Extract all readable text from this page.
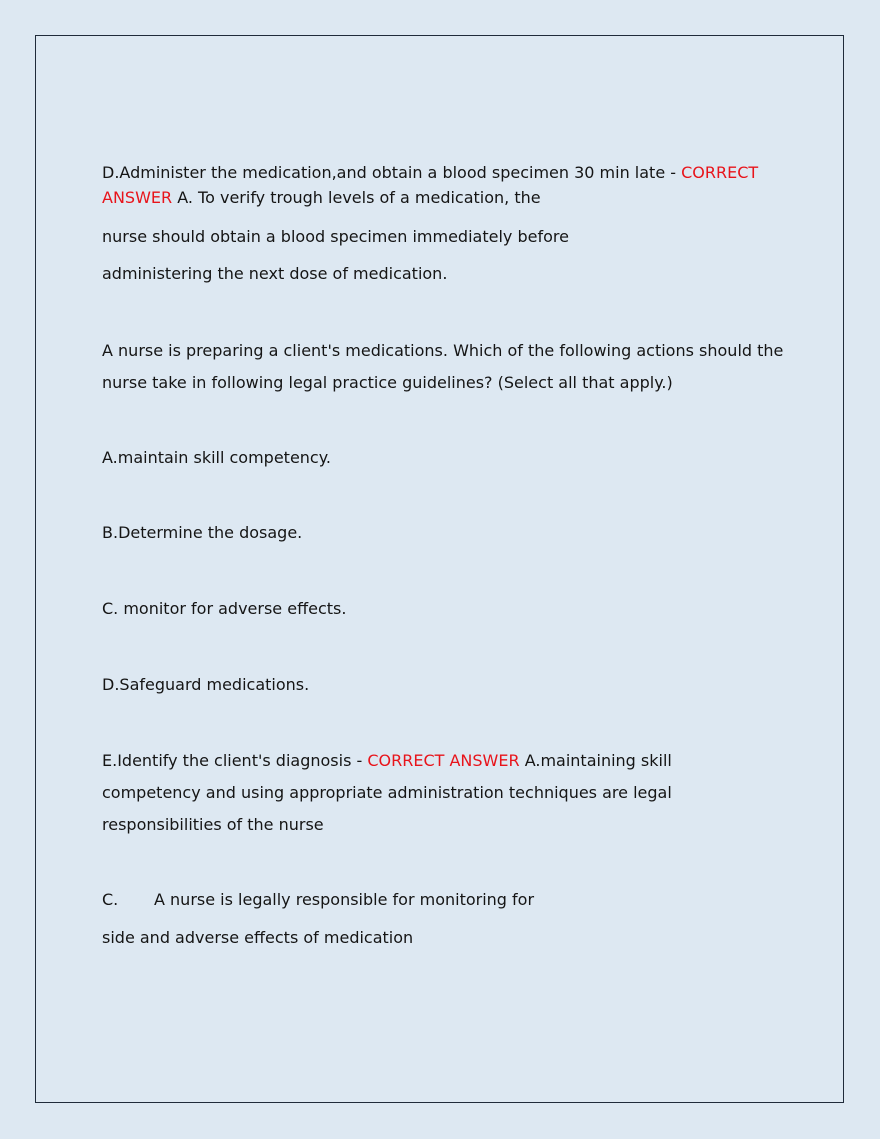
D.Administer the medication,and obtain a blood specimen 30 min late - CORRECT

ANSWER A. To verify trough levels of a medication, the

nurse should obtain a blood specimen immediately before

administering the next dose of medication.

A nurse is preparing a client's medications. Which of the following actions should the

nurse take in following legal practice guidelines? (Select all that apply.)

A.maintain skill competency.

B.Determine the dosage.

C. monitor for adverse effects.

D.Safeguard medications.

E.Identify the client's diagnosis - CORRECT ANSWER A.maintaining skill

competency and using appropriate administration techniques are legal

responsibilities of the nurse

C. A nurse is legally responsible for monitoring for

side and adverse effects of medication
